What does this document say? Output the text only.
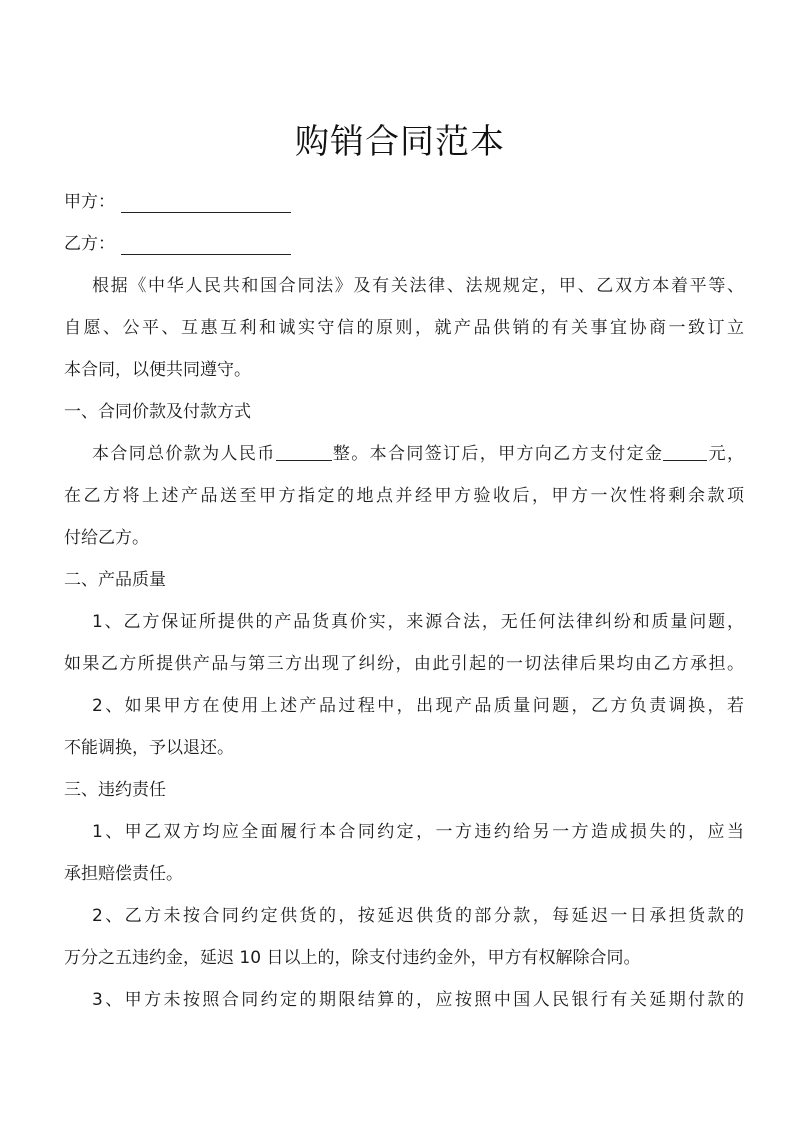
购销合同范本
甲方：
乙方：
根据《中华人民共和国合同法》及有关法律、法规规定，甲、乙双方本着平等、
自愿、公平、互惠互利和诚实守信的原则，就产品供销的有关事宜协商一致订立
本合同，以便共同遵守。
一、合同价款及付款方式
本合同总价款为人民币	整。本合同签订后，甲方向乙方支付定金	元，
在乙方将上述产品送至甲方指定的地点并经甲方验收后，甲方一次性将剩余款项
付给乙方。
二、产品质量
1、乙方保证所提供的产品货真价实，来源合法，无任何法律纠纷和质量问题，
如果乙方所提供产品与第三方出现了纠纷，由此引起的一切法律后果均由乙方承担。
2、如果甲方在使用上述产品过程中，出现产品质量问题，乙方负责调换，若
不能调换，予以退还。
三、违约责任
1、甲乙双方均应全面履行本合同约定，一方违约给另一方造成损失的，应当
承担赔偿责任。
2、乙方未按合同约定供货的，按延迟供货的部分款，每延迟一日承担货款的
万分之五违约金，延迟 10 日以上的，除支付违约金外，甲方有权解除合同。
3、甲方未按照合同约定的期限结算的，应按照中国人民银行有关延期付款的
